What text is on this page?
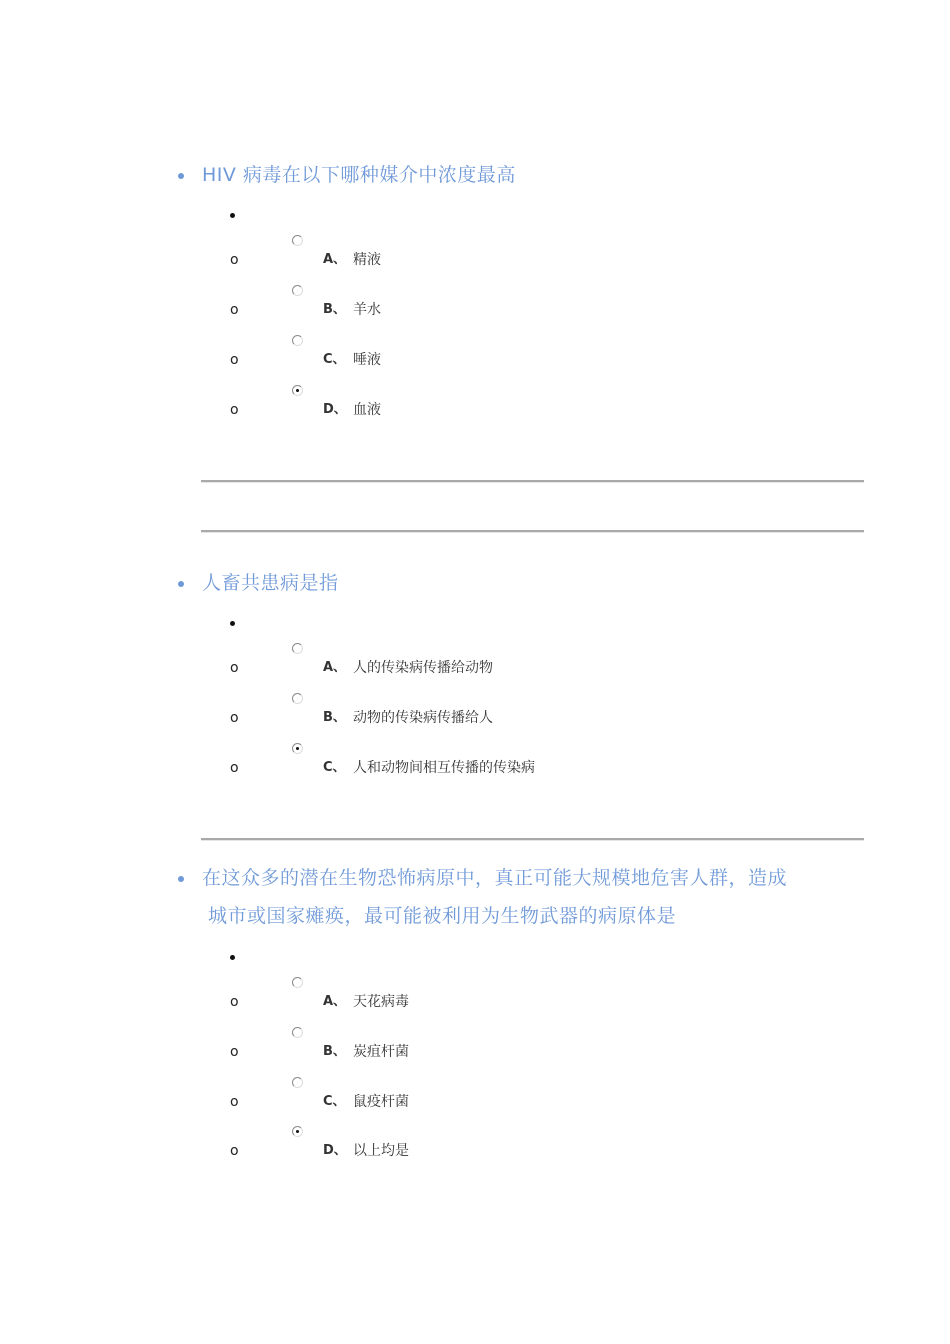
HIV 病毒在以下哪种媒介中浓度最高

o	A、 精液
o	B、 羊水
o	C、 唾液
o	D、 血液

人畜共患病是指

o	A、 人的传染病传播给动物
o	B、 动物的传染病传播给人
o	C、 人和动物间相互传播的传染病

在这众多的潜在生物恐怖病原中，真正可能大规模地危害人群，造成

城市或国家瘫痪，最可能被利用为生物武器的病原体是

o	A、 天花病毒
o	B、 炭疽杆菌
o	C、 鼠疫杆菌
o	D、 以上均是
